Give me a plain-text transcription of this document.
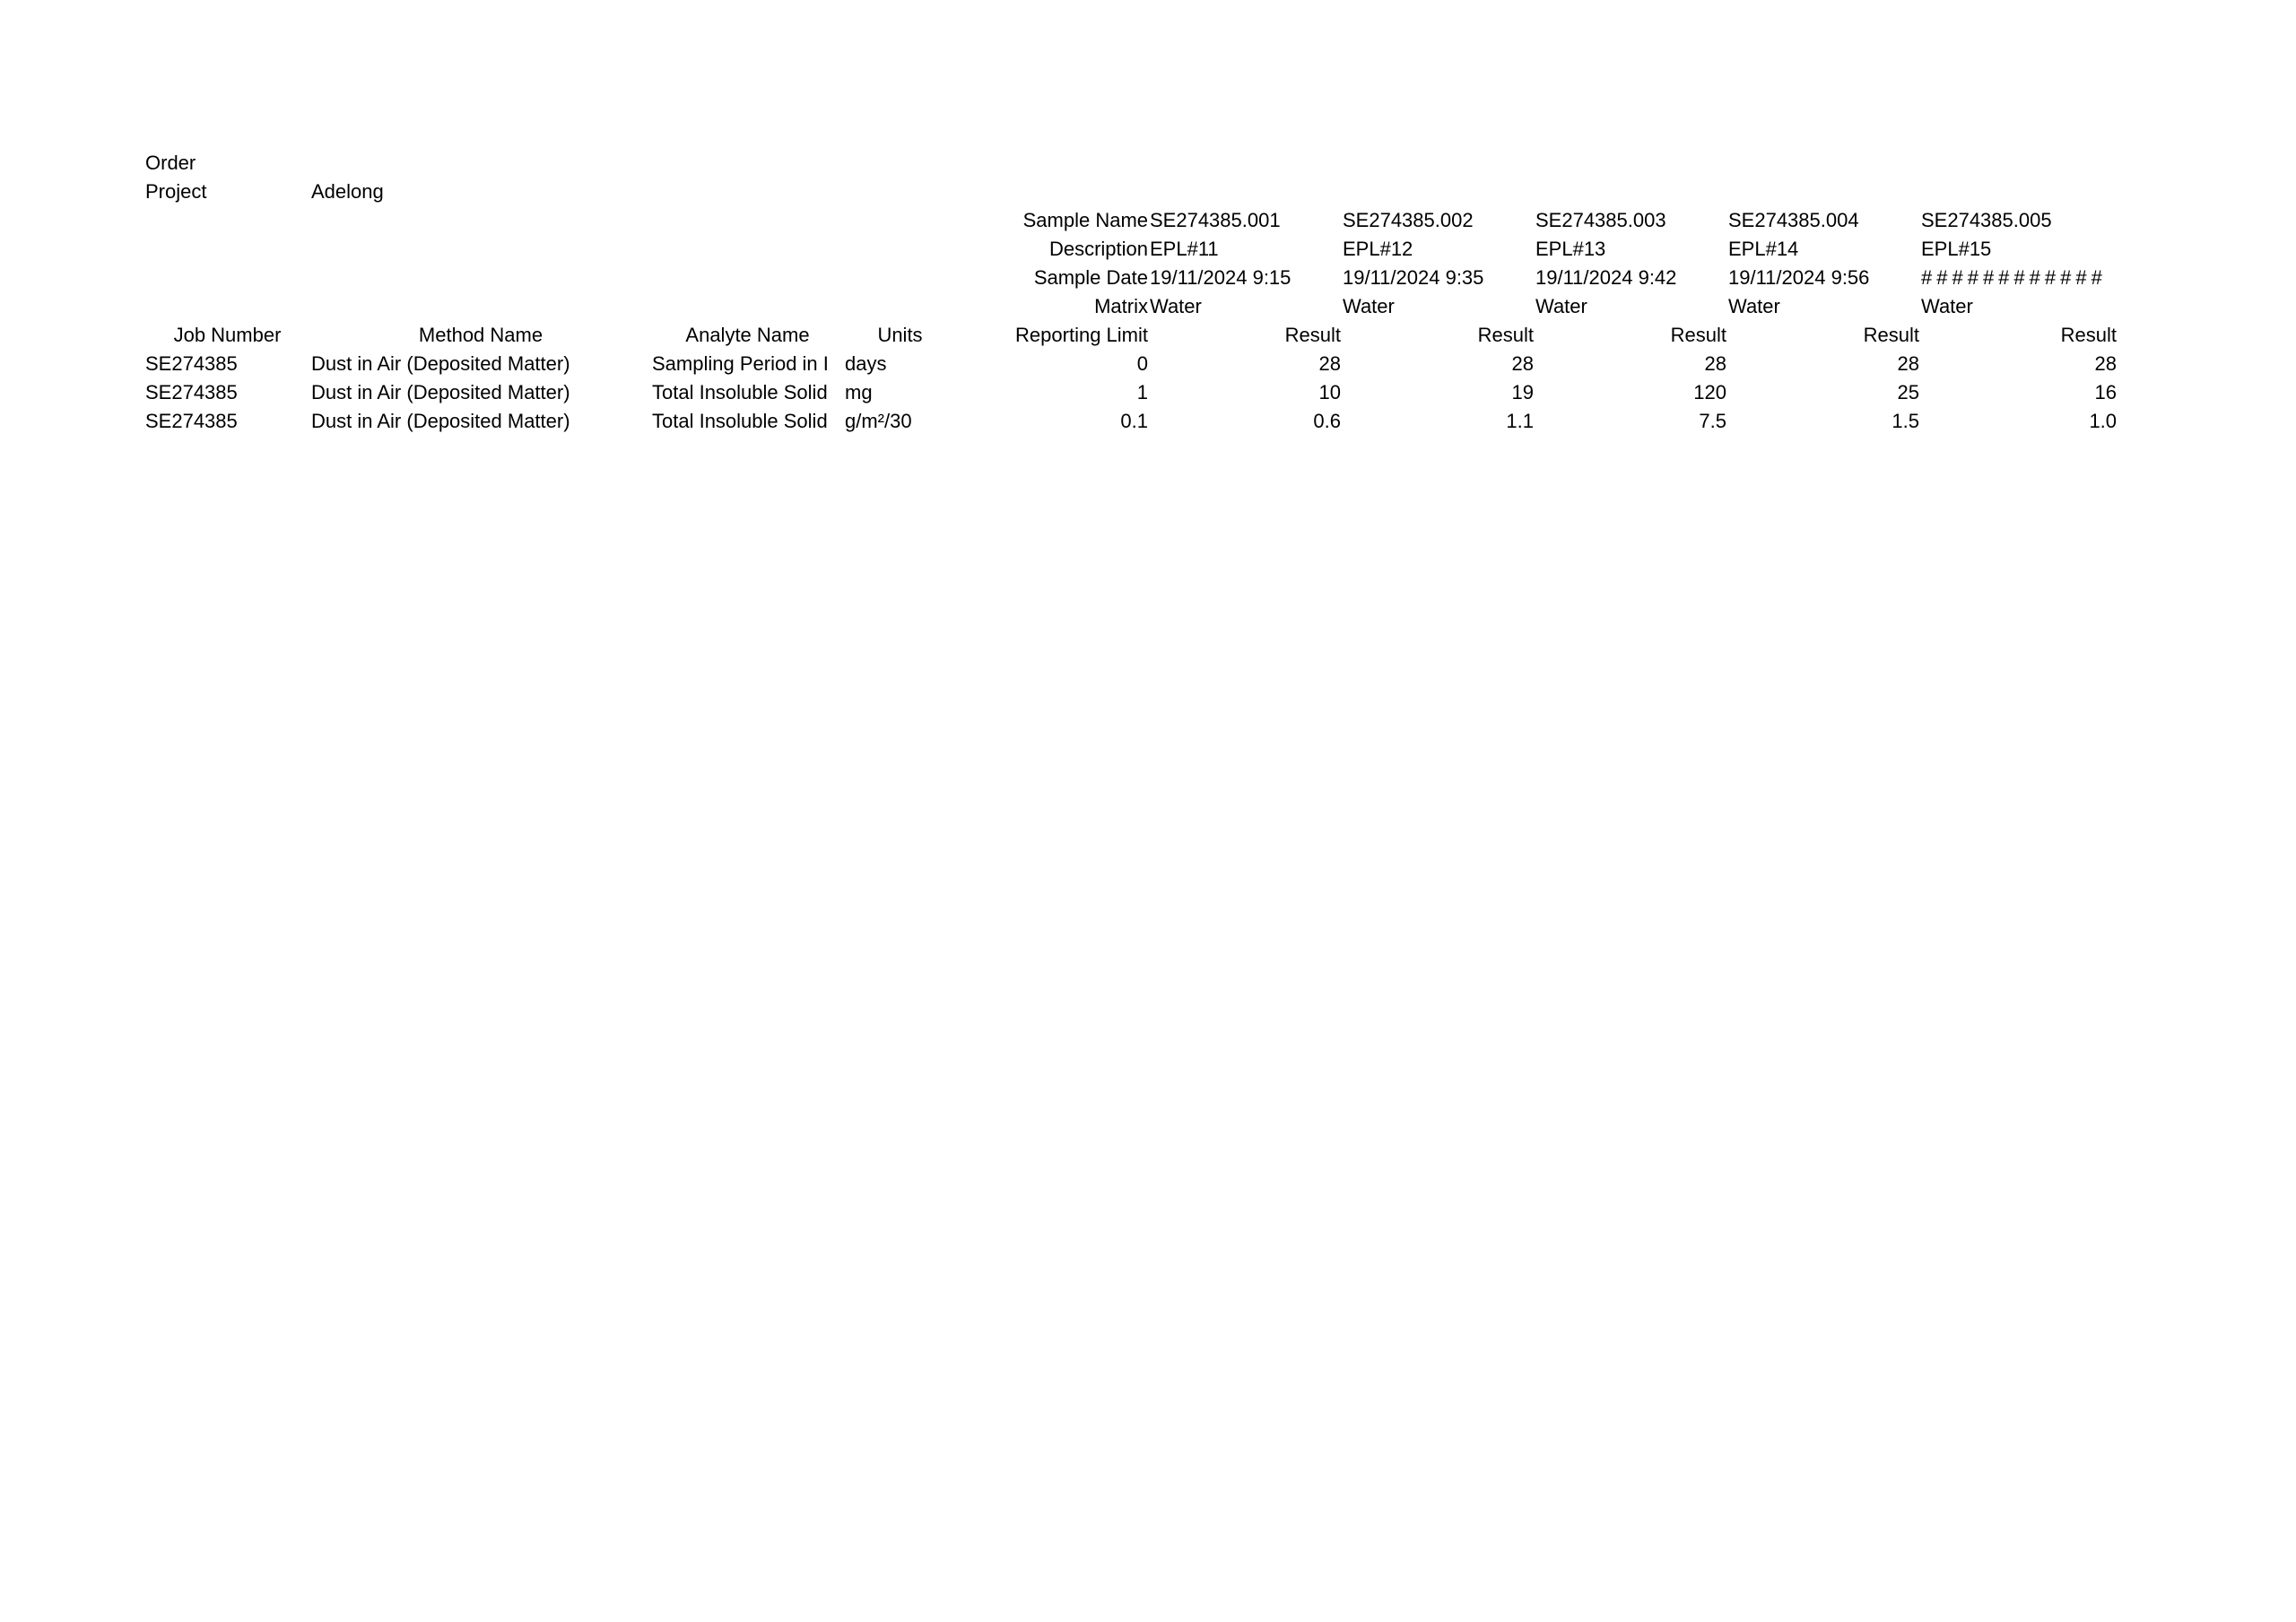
Order									
Project	Adelong								
Sample Name					SE274385.001	SE274385.002	SE274385.003	SE274385.004	SE274385.005
Description					EPL#11	EPL#12	EPL#13	EPL#14	EPL#15
Sample Date					19/11/2024 9:15	19/11/2024 9:35	19/11/2024 9:42	19/11/2024 9:56	############
Matrix					Water	Water	Water	Water	Water
Job Number	Method Name	Analyte Name	Units	Reporting Limit	Result	Result	Result	Result	Result
SE274385	Dust in Air (Deposited Matter)	Sampling Period in I	days	0	28	28	28	28	28
SE274385	Dust in Air (Deposited Matter)	Total Insoluble Solid	mg	1	10	19	120	25	16
SE274385	Dust in Air (Deposited Matter)	Total Insoluble Solid	g/m²/30	0.1	0.6	1.1	7.5	1.5	1.0
